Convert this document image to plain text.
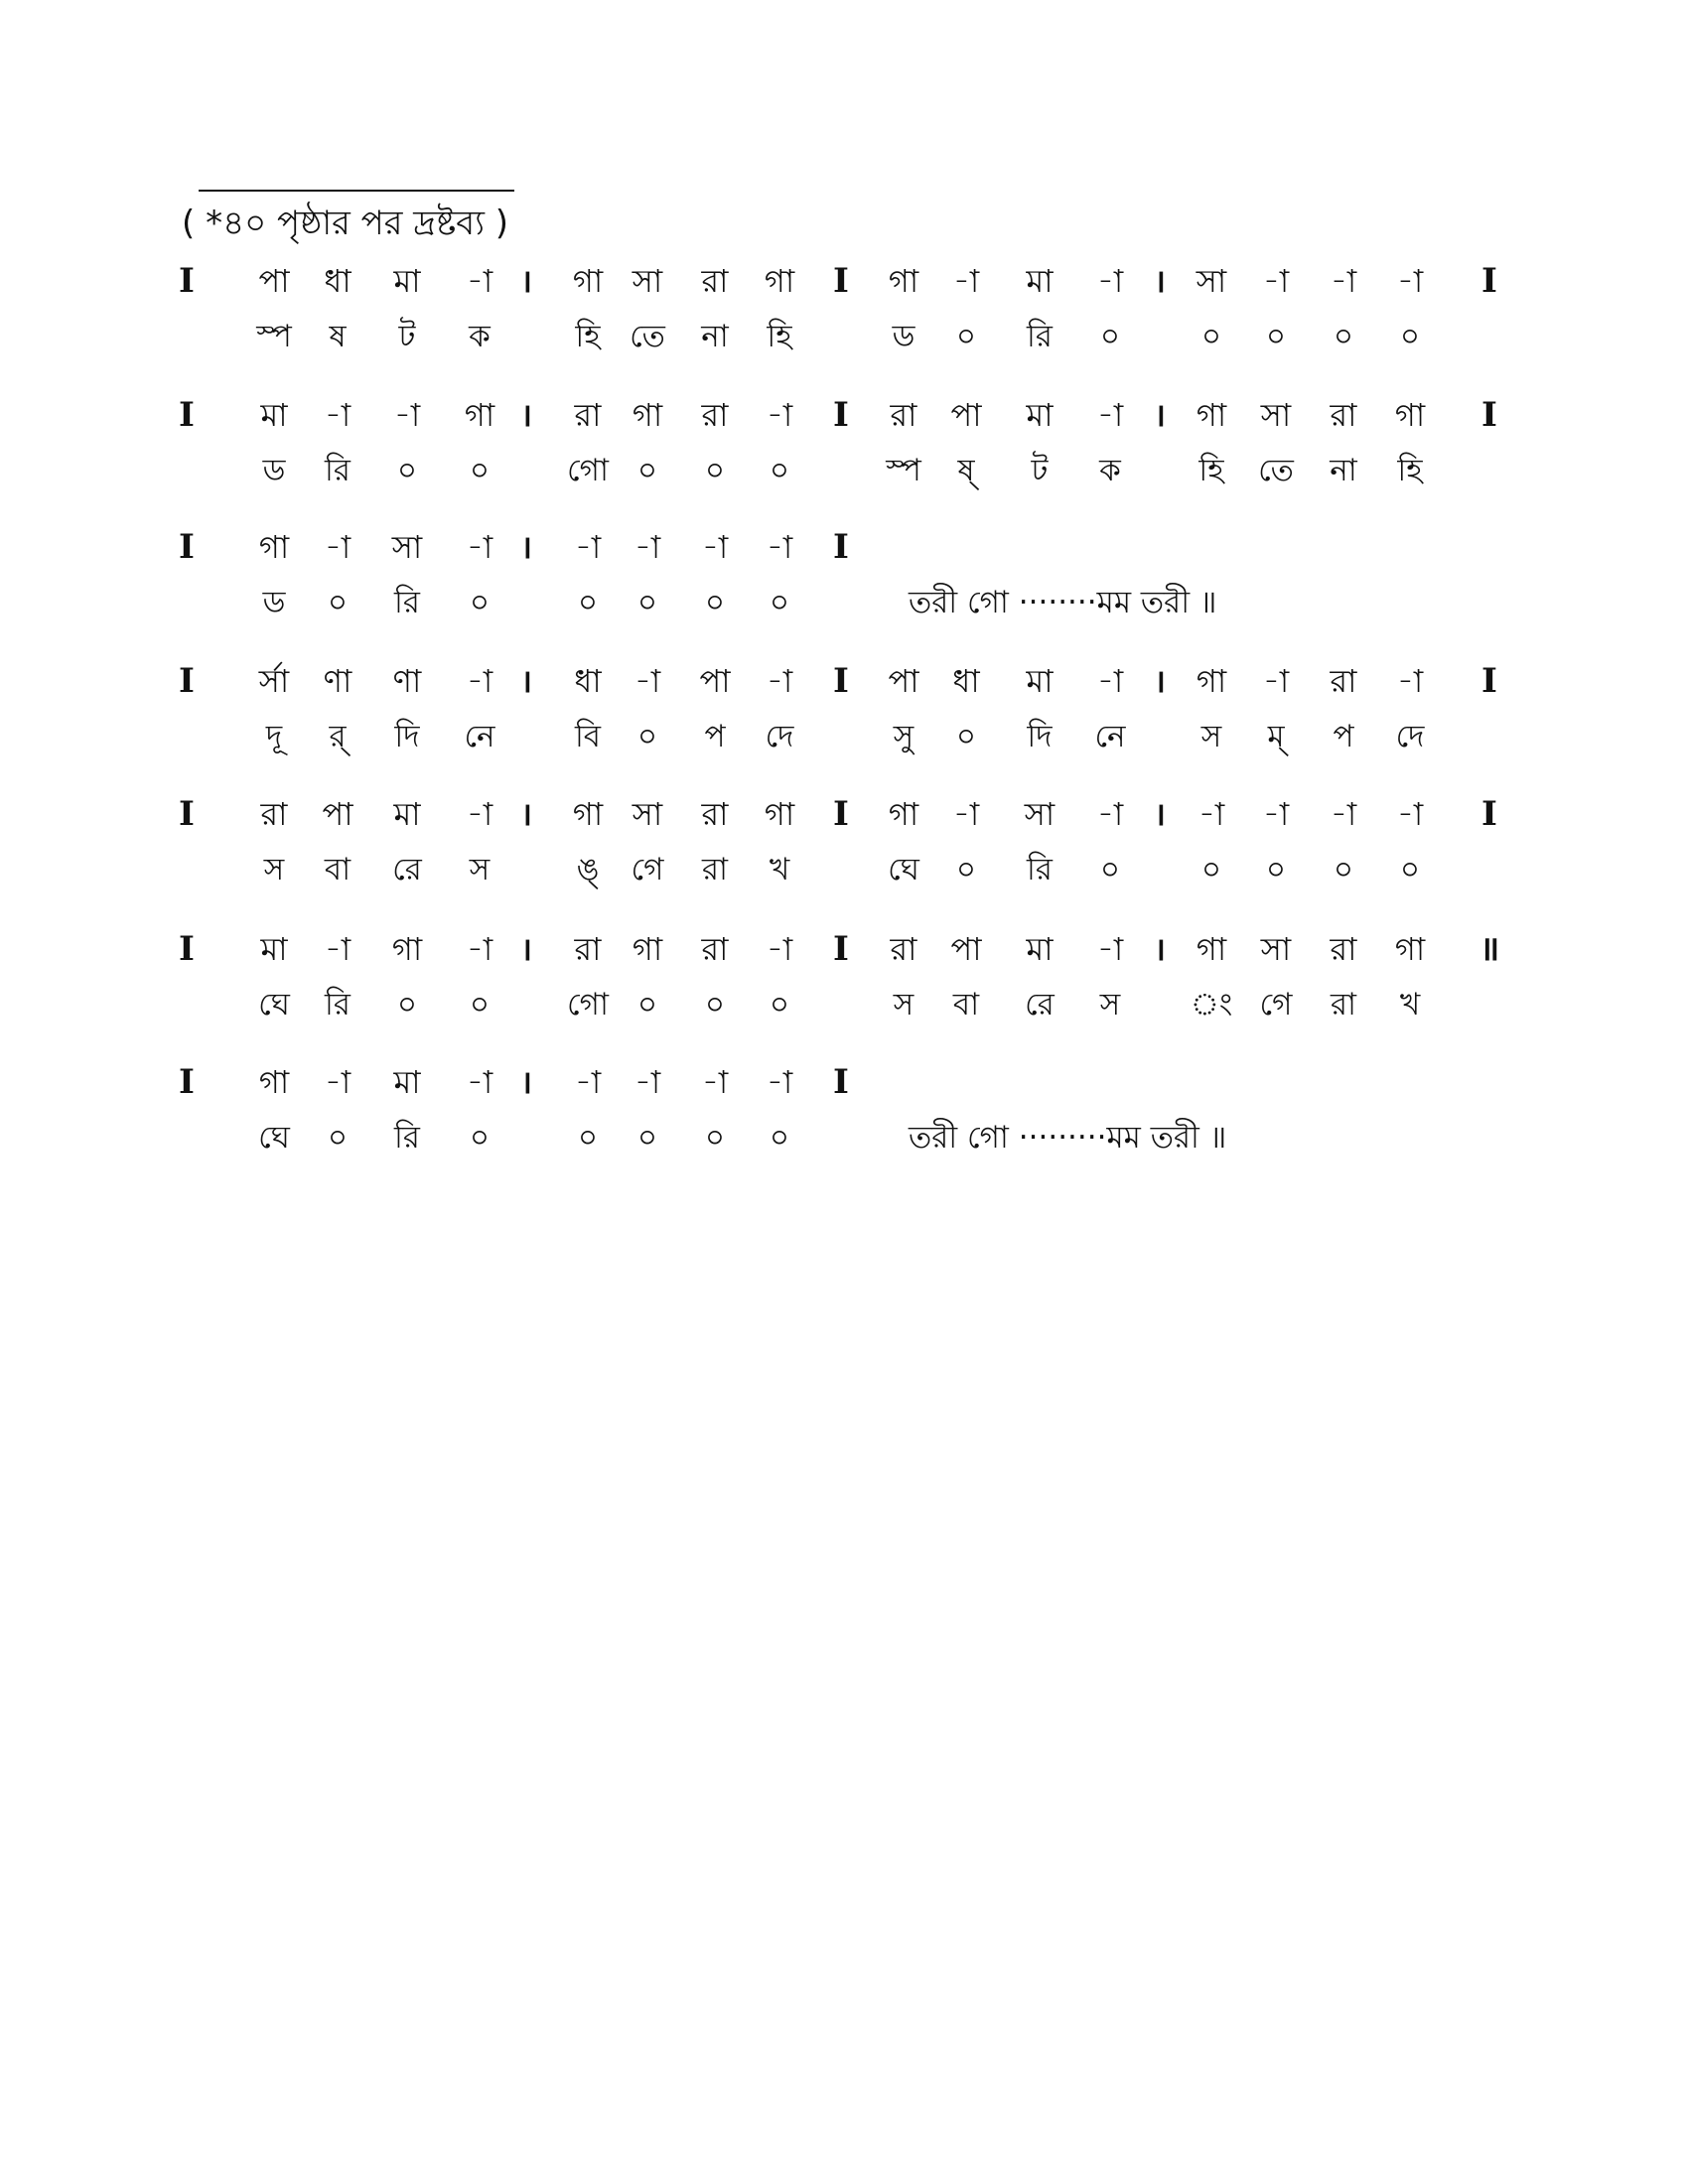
( *৪০ পৃষ্ঠার পর দ্রষ্টব্য )
I পা ধা মা -া । গা সা রা গা I গা -া মা -া । সা -া -া -া I
স্প ষ ট ক	হি তে না হি	ড ০ রি ০	০ ০ ০ ০
I মা -া -া গা । রা গা রা -া I রা পা মা -া । গা সা রা গা I
ড রি ০ ০	গো ০ ০ ০	স্প ষ্ ট ক	হি তে না হি
I গা -া সা -া । -া -া -া -া I
ড ০ রি ০	০ ০ ০ ০	তরী গো ········মম তরী ॥
I র্সা ণা ণা -া । ধা -া পা -া I পা ধা মা -া । গা -া রা -া I
দূ র্ দি নে	বি ০ প দে	সু ০ দি নে স ম্ প দে
I রা পা মা -া । গা সা রা গা I গা -া সা -া । -া -া -া -া I
স বা রে স	ঙ্ গে রা খ	ঘে ০ রি ০	০ ০ ০ ০
I মা -া গা -া । রা গা রা -া I রা পা মা -া । গা সা রা গা ॥
ঘে রি ০ ০	গো ০ ০ ০	স বা রে স ং গে রা খ
I গা -া মা -া । -া -া -া -া I
ঘে ০ রি ০	০ ০ ০ ০	তরী গো ·········মম তরী ॥
